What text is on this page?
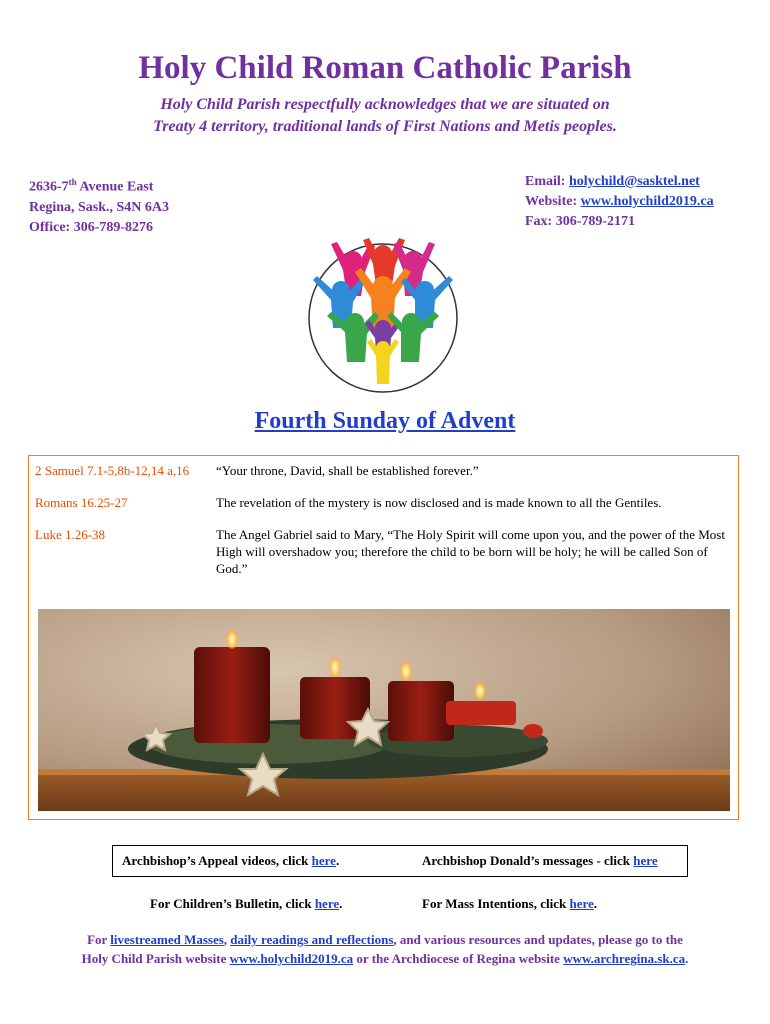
Holy Child Roman Catholic Parish
Holy Child Parish respectfully acknowledges that we are situated on
Treaty 4 territory, traditional lands of First Nations and Metis peoples.
2636-7th Avenue East
Regina, Sask., S4N 6A3
Office: 306-789-8276
Email: holychild@sasktel.net
Website: www.holychild2019.ca
Fax: 306-789-2171
Fourth Sunday of Advent
2 Samuel 7.1-5,8b-12,14 a,16	“Your throne, David, shall be established forever.”
Romans 16.25-27	The revelation of the mystery is now disclosed and is made known to all the Gentiles.
Luke 1.26-38	The Angel Gabriel said to Mary, “The Holy Spirit will come upon you, and the power of the Most High will overshadow you; therefore the child to be born will be holy; he will be called Son of God.”
Archbishop’s Appeal videos, click here.	Archbishop Donald’s messages - click here
For Children’s Bulletin, click here.	For Mass Intentions, click here.
For livestreamed Masses, daily readings and reflections, and various resources and updates, please go to the
Holy Child Parish website www.holychild2019.ca or the Archdiocese of Regina website www.archregina.sk.ca.
